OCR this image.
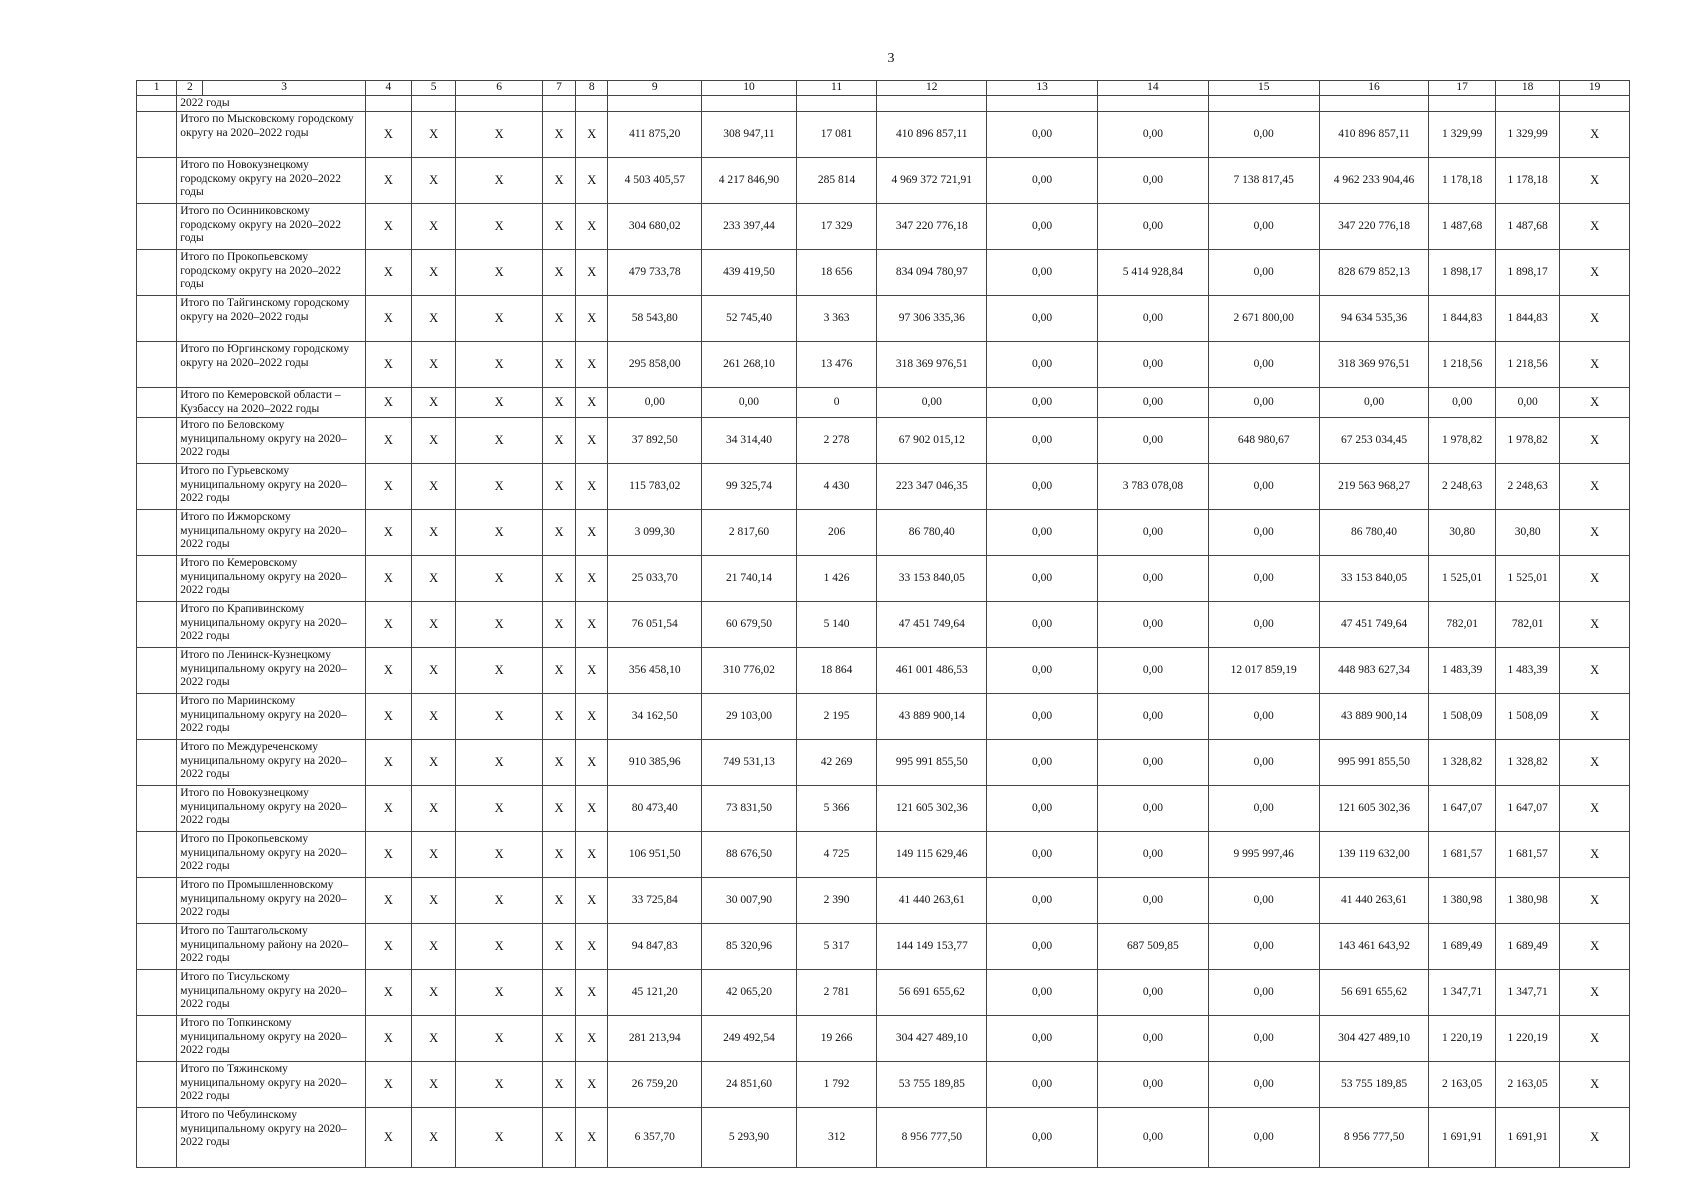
3
1	2	3	4	5	6	7	8	9	10	11	12	13	14	15	16	17	18	19
	2022 годы																	
	Итого по Мысковскому городскому округу на 2020–2022 годы		Х	Х	Х	Х	Х	411 875,20	308 947,11	17 081	410 896 857,11	0,00	0,00	0,00	410 896 857,11	1 329,99	1 329,99	Х
	Итого по Новокузнецкому городскому округу на 2020–2022 годы		Х	Х	Х	Х	Х	4 503 405,57	4 217 846,90	285 814	4 969 372 721,91	0,00	0,00	7 138 817,45	4 962 233 904,46	1 178,18	1 178,18	Х
	Итого по Осинниковскому городскому округу на 2020–2022 годы		Х	Х	Х	Х	Х	304 680,02	233 397,44	17 329	347 220 776,18	0,00	0,00	0,00	347 220 776,18	1 487,68	1 487,68	Х
	Итого по Прокопьевскому городскому округу на 2020–2022 годы		Х	Х	Х	Х	Х	479 733,78	439 419,50	18 656	834 094 780,97	0,00	5 414 928,84	0,00	828 679 852,13	1 898,17	1 898,17	Х
	Итого по Тайгинскому городскому округу на 2020–2022 годы		Х	Х	Х	Х	Х	58 543,80	52 745,40	3 363	97 306 335,36	0,00	0,00	2 671 800,00	94 634 535,36	1 844,83	1 844,83	Х
	Итого по Юргинскому городскому округу на 2020–2022 годы		Х	Х	Х	Х	Х	295 858,00	261 268,10	13 476	318 369 976,51	0,00	0,00	0,00	318 369 976,51	1 218,56	1 218,56	Х
	Итого по Кемеровской области – Кузбассу на 2020–2022 годы		Х	Х	Х	Х	Х	0,00	0,00	0	0,00	0,00	0,00	0,00	0,00	0,00	0,00	Х
	Итого по Беловскому муниципальному округу на 2020–2022 годы		Х	Х	Х	Х	Х	37 892,50	34 314,40	2 278	67 902 015,12	0,00	0,00	648 980,67	67 253 034,45	1 978,82	1 978,82	Х
	Итого по Гурьевскому муниципальному округу на 2020–2022 годы		Х	Х	Х	Х	Х	115 783,02	99 325,74	4 430	223 347 046,35	0,00	3 783 078,08	0,00	219 563 968,27	2 248,63	2 248,63	Х
	Итого по Ижморскому муниципальному округу на 2020–2022 годы		Х	Х	Х	Х	Х	3 099,30	2 817,60	206	86 780,40	0,00	0,00	0,00	86 780,40	30,80	30,80	Х
	Итого по Кемеровскому муниципальному округу на 2020–2022 годы		Х	Х	Х	Х	Х	25 033,70	21 740,14	1 426	33 153 840,05	0,00	0,00	0,00	33 153 840,05	1 525,01	1 525,01	Х
	Итого по Крапивинскому муниципальному округу на 2020–2022 годы		Х	Х	Х	Х	Х	76 051,54	60 679,50	5 140	47 451 749,64	0,00	0,00	0,00	47 451 749,64	782,01	782,01	Х
	Итого по Ленинск-Кузнецкому муниципальному округу на 2020–2022 годы		Х	Х	Х	Х	Х	356 458,10	310 776,02	18 864	461 001 486,53	0,00	0,00	12 017 859,19	448 983 627,34	1 483,39	1 483,39	Х
	Итого по Мариинскому муниципальному округу на 2020–2022 годы		Х	Х	Х	Х	Х	34 162,50	29 103,00	2 195	43 889 900,14	0,00	0,00	0,00	43 889 900,14	1 508,09	1 508,09	Х
	Итого по Междуреченскому муниципальному округу на 2020–2022 годы		Х	Х	Х	Х	Х	910 385,96	749 531,13	42 269	995 991 855,50	0,00	0,00	0,00	995 991 855,50	1 328,82	1 328,82	Х
	Итого по Новокузнецкому муниципальному округу на 2020–2022 годы		Х	Х	Х	Х	Х	80 473,40	73 831,50	5 366	121 605 302,36	0,00	0,00	0,00	121 605 302,36	1 647,07	1 647,07	Х
	Итого по Прокопьевскому муниципальному округу на 2020–2022 годы		Х	Х	Х	Х	Х	106 951,50	88 676,50	4 725	149 115 629,46	0,00	0,00	9 995 997,46	139 119 632,00	1 681,57	1 681,57	Х
	Итого по Промышленновскому муниципальному округу на 2020–2022 годы		Х	Х	Х	Х	Х	33 725,84	30 007,90	2 390	41 440 263,61	0,00	0,00	0,00	41 440 263,61	1 380,98	1 380,98	Х
	Итого по Таштагольскому муниципальному району на 2020–2022 годы		Х	Х	Х	Х	Х	94 847,83	85 320,96	5 317	144 149 153,77	0,00	687 509,85	0,00	143 461 643,92	1 689,49	1 689,49	Х
	Итого по Тисульскому муниципальному округу на 2020–2022 годы		Х	Х	Х	Х	Х	45 121,20	42 065,20	2 781	56 691 655,62	0,00	0,00	0,00	56 691 655,62	1 347,71	1 347,71	Х
	Итого по Топкинскому муниципальному округу на 2020–2022 годы		Х	Х	Х	Х	Х	281 213,94	249 492,54	19 266	304 427 489,10	0,00	0,00	0,00	304 427 489,10	1 220,19	1 220,19	Х
	Итого по Тяжинскому муниципальному округу на 2020–2022 годы		Х	Х	Х	Х	Х	26 759,20	24 851,60	1 792	53 755 189,85	0,00	0,00	0,00	53 755 189,85	2 163,05	2 163,05	Х
	Итого по Чебулинскому муниципальному округу на 2020–2022 годы		Х	Х	Х	Х	Х	6 357,70	5 293,90	312	8 956 777,50	0,00	0,00	0,00	8 956 777,50	1 691,91	1 691,91	Х
